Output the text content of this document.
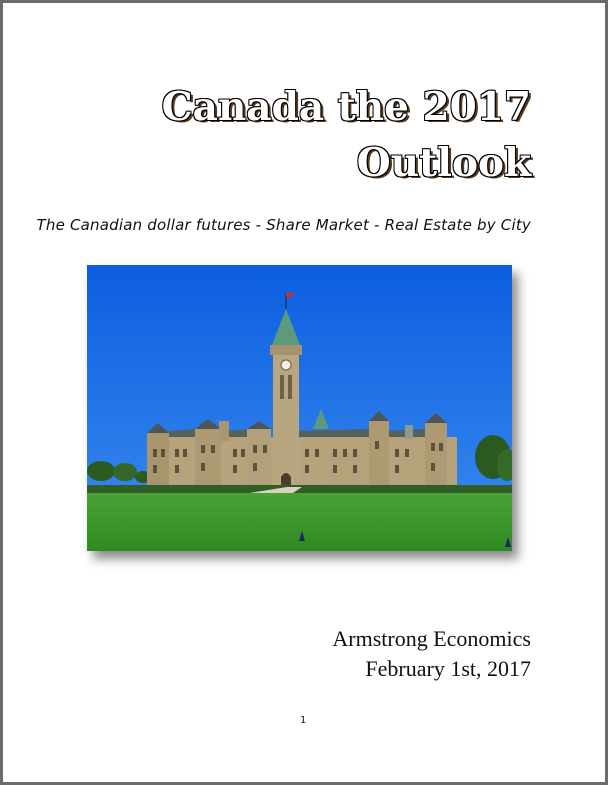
Canada the 2017
Outlook
The Canadian dollar futures - Share Market - Real Estate by City
Armstrong Economics
February 1st, 2017
1
